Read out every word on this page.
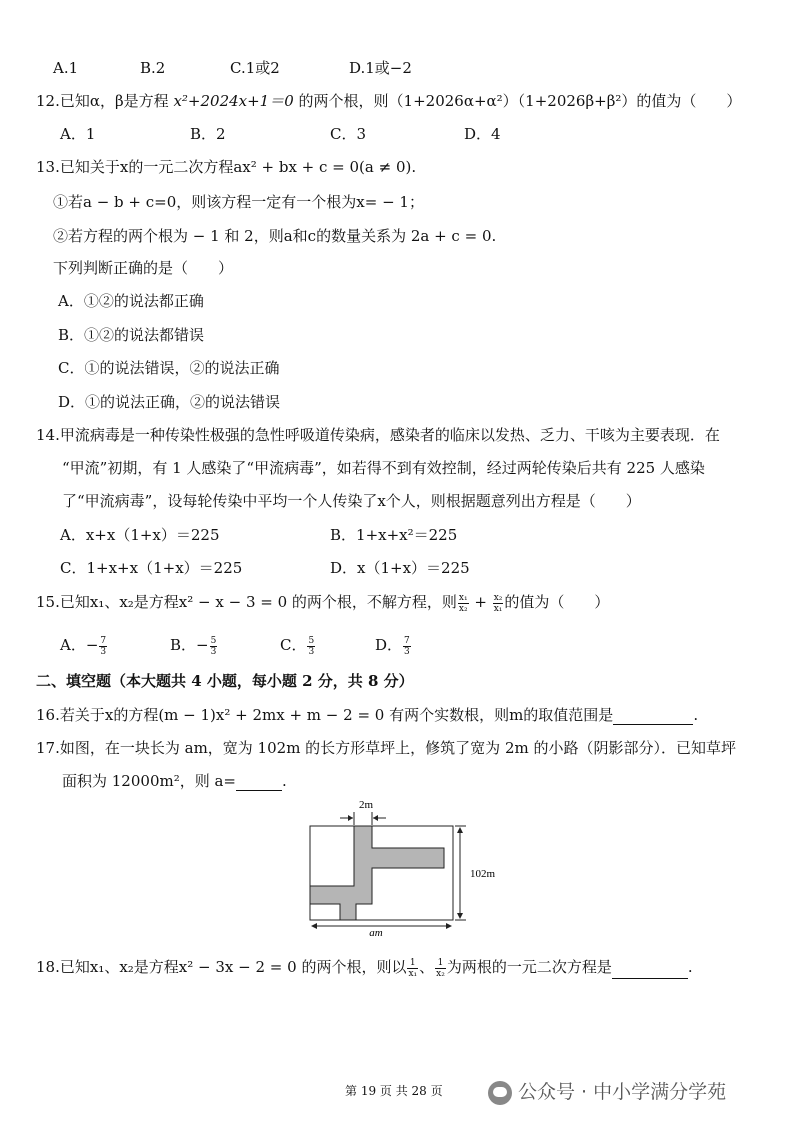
A.1	B.2	C.1或2	D.1或−2
12.已知α，β是方程 x²+2024x+1＝0 的两个根，则（1+2026α+α²）（1+2026β+β²）的值为（　　）
A．1	B．2	C．3	D．4
13.已知关于x的一元二次方程ax² + bx + c = 0(a ≠ 0).
①若a − b + c=0，则该方程一定有一个根为x= − 1；
②若方程的两个根为 − 1 和 2，则a和c的数量关系为 2a + c = 0.
下列判断正确的是（　　）
A．①②的说法都正确
B．①②的说法都错误
C．①的说法错误，②的说法正确
D．①的说法正确，②的说法错误
14.甲流病毒是一种传染性极强的急性呼吸道传染病，感染者的临床以发热、乏力、干咳为主要表现．在
“甲流”初期，有 1 人感染了“甲流病毒”，如若得不到有效控制，经过两轮传染后共有 225 人感染
了“甲流病毒”，设每轮传染中平均一个人传染了x个人，则根据题意列出方程是（　　）
A．x+x（1+x）＝225	B．1+x+x²＝225
C．1+x+x（1+x）＝225	D．x（1+x）＝225
15.已知x₁、x₂是方程x² − x − 3 = 0 的两个根，不解方程，则 $\frac{\text{x₁}}{\text{x₂}} + \frac{\text{x₂}}{\text{x₁}}$ 的值为（　　）
A．− $\frac{7}{3}$	B．− $\frac{5}{3}$	C． $\frac{5}{3}$	D． $\frac{7}{3}$
二、填空题（本大题共 4 小题，每小题 2 分，共 8 分）
16.若关于x的方程(m − 1)x² + 2mx + m − 2 = 0 有两个实数根，则m的取值范围是	.
17.如图，在一块长为 am，宽为 102m 的长方形草坪上，修筑了宽为 2m 的小路（阴影部分）．已知草坪
面积为 12000m²，则 a=	.
2m
102m
am
18.已知x₁、x₂是方程x² − 3x − 2 = 0 的两个根，则以 $\frac{1}{\text{x₁}}$ 、 $\frac{1}{\text{x₂}}$ 为两根的一元二次方程是	.
第 19 页 共 28 页	公众号 · 中小学满分学苑
